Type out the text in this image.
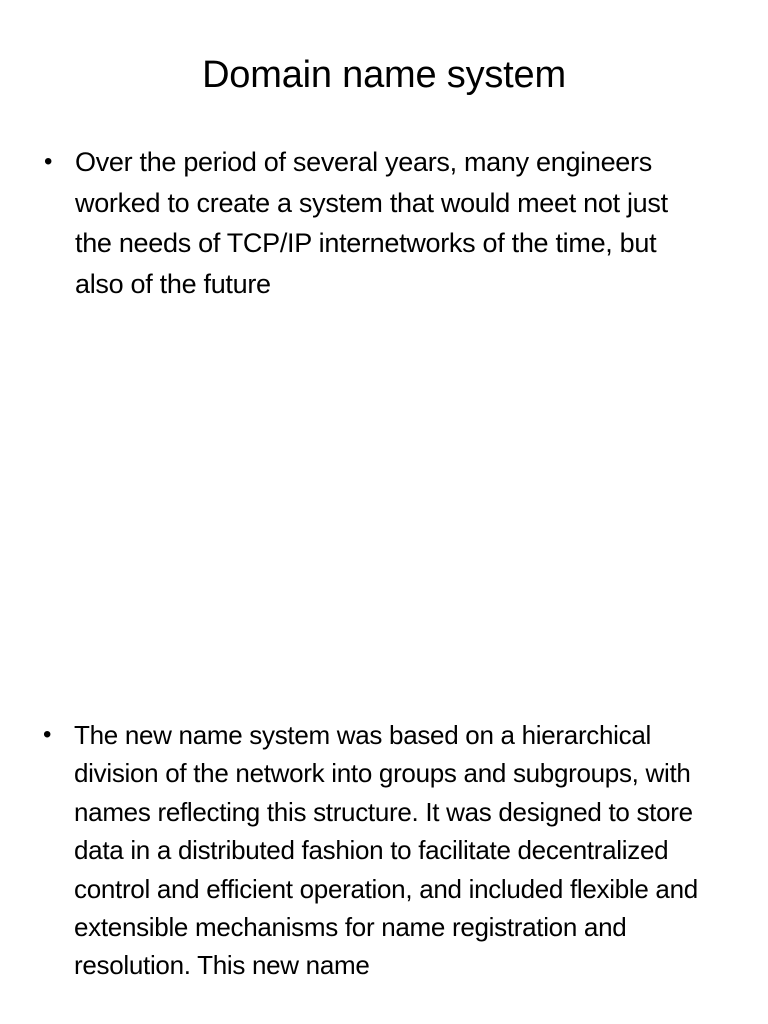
Domain name system
• Over the period of several years, many engineers worked to create a system that would meet not just the needs of TCP/IP internetworks of the time, but also of the future
• The new name system was based on a hierarchical division of the network into groups and subgroups, with names reflecting this structure. It was designed to store data in a distributed fashion to facilitate decentralized control and efficient operation, and included flexible and extensible mechanisms for name registration and resolution. This new name
